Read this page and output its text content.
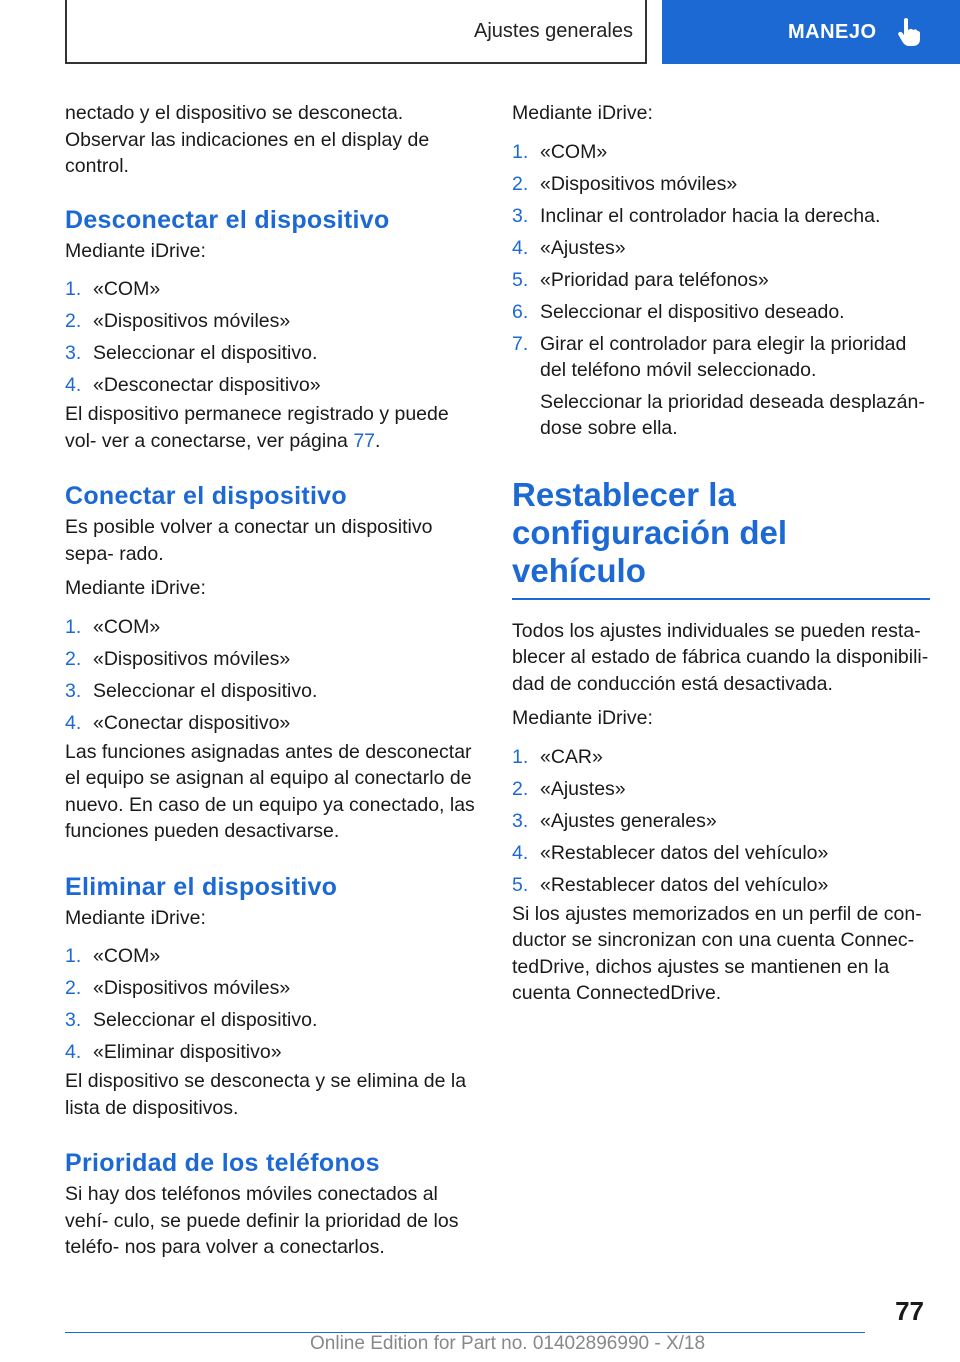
Ajustes generales	MANEJO

nectado y el dispositivo se desconecta. Observar las indicaciones en el display de control.

Desconectar el dispositivo

Mediante iDrive:

1. «COM»
2. «Dispositivos móviles»
3. Seleccionar el dispositivo.
4. «Desconectar dispositivo»

El dispositivo permanece registrado y puede vol‐ ver a conectarse, ver página 77.

Conectar el dispositivo

Es posible volver a conectar un dispositivo sepa‐ rado.

Mediante iDrive:

1. «COM»
2. «Dispositivos móviles»
3. Seleccionar el dispositivo.
4. «Conectar dispositivo»

Las funciones asignadas antes de desconectar el equipo se asignan al equipo al conectarlo de nuevo. En caso de un equipo ya conectado, las funciones pueden desactivarse.

Eliminar el dispositivo

Mediante iDrive:

1. «COM»
2. «Dispositivos móviles»
3. Seleccionar el dispositivo.
4. «Eliminar dispositivo»

El dispositivo se desconecta y se elimina de la lista de dispositivos.

Prioridad de los teléfonos

Si hay dos teléfonos móviles conectados al vehí‐ culo, se puede definir la prioridad de los teléfo‐ nos para volver a conectarlos.

Mediante iDrive:

1. «COM»
2. «Dispositivos móviles»
3. Inclinar el controlador hacia la derecha.
4. «Ajustes»
5. «Prioridad para teléfonos»
6. Seleccionar el dispositivo deseado.
7. Girar el controlador para elegir la prioridad del teléfono móvil seleccionado.
Seleccionar la prioridad deseada desplazán‐ dose sobre ella.
Restablecer la configuración del vehículo

Todos los ajustes individuales se pueden resta‐ blecer al estado de fábrica cuando la disponibili‐ dad de conducción está desactivada.

Mediante iDrive:

1. «CAR»
2. «Ajustes»
3. «Ajustes generales»
4. «Restablecer datos del vehículo»
5. «Restablecer datos del vehículo»

Si los ajustes memorizados en un perfil de con‐ ductor se sincronizan con una cuenta Connec‐ tedDrive, dichos ajustes se mantienen en la cuenta ConnectedDrive.

77
Online Edition for Part no. 01402896990 - X/18
